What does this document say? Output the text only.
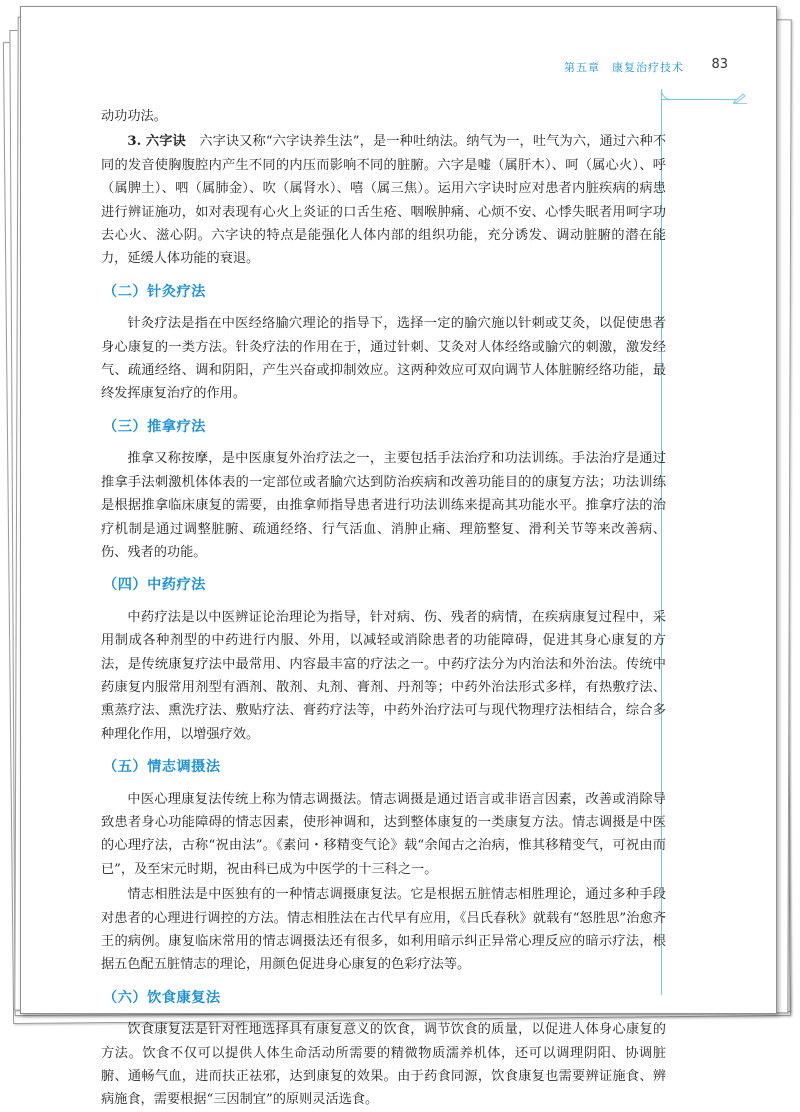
第五章　康复治疗技术 83

动功功法。

3. 六字诀　 六字诀又称“六字诀养生法”，是一种吐纳法。纳气为一，吐气为六，通过六种不同的发音使胸腹腔内产生不同的内压而影响不同的脏腑。六字是嘘（属肝木）、呵（属心火）、呼（属脾土）、呬（属肺金）、吹（属肾水）、嘻（属三焦）。运用六字诀时应对患者内脏疾病的病患进行辨证施功，如对表现有心火上炎证的口舌生疮、咽喉肿痛、心烦不安、心悸失眠者用呵字功去心火、滋心阴。六字诀的特点是能强化人体内部的组织功能，充分诱发、调动脏腑的潜在能力，延缓人体功能的衰退。

（二）针灸疗法

针灸疗法是指在中医经络腧穴理论的指导下，选择一定的腧穴施以针刺或艾灸，以促使患者身心康复的一类方法。针灸疗法的作用在于，通过针刺、艾灸对人体经络或腧穴的刺激，激发经气、疏通经络、调和阴阳，产生兴奋或抑制效应。这两种效应可双向调节人体脏腑经络功能，最终发挥康复治疗的作用。

（三）推拿疗法

推拿又称按摩，是中医康复外治疗法之一，主要包括手法治疗和功法训练。手法治疗是通过推拿手法刺激机体体表的一定部位或者腧穴达到防治疾病和改善功能目的的康复方法；功法训练是根据推拿临床康复的需要，由推拿师指导患者进行功法训练来提高其功能水平。推拿疗法的治疗机制是通过调整脏腑、疏通经络、行气活血、消肿止痛、理筋整复、滑利关节等来改善病、伤、残者的功能。

（四）中药疗法

中药疗法是以中医辨证论治理论为指导，针对病、伤、残者的病情，在疾病康复过程中，采用制成各种剂型的中药进行内服、外用，以减轻或消除患者的功能障碍，促进其身心康复的方法，是传统康复疗法中最常用、内容最丰富的疗法之一。中药疗法分为内治法和外治法。传统中药康复内服常用剂型有酒剂、散剂、丸剂、膏剂、丹剂等；中药外治法形式多样，有热敷疗法、熏蒸疗法、熏洗疗法、敷贴疗法、膏药疗法等，中药外治疗法可与现代物理疗法相结合，综合多种理化作用，以增强疗效。

（五）情志调摄法

中医心理康复法传统上称为情志调摄法。情志调摄是通过语言或非语言因素，改善或消除导致患者身心功能障碍的情志因素，使形神调和，达到整体康复的一类康复方法。情志调摄是中医的心理疗法，古称“祝由法”。《素问・移精变气论》载“余闻古之治病，惟其移精变气，可祝由而已”，及至宋元时期，祝由科已成为中医学的十三科之一。

情志相胜法是中医独有的一种情志调摄康复法。它是根据五脏情志相胜理论，通过多种手段对患者的心理进行调控的方法。情志相胜法在古代早有应用，《吕氏春秋》就载有“怒胜思”治愈齐王的病例。康复临床常用的情志调摄法还有很多，如利用暗示纠正异常心理反应的暗示疗法，根据五色配五脏情志的理论，用颜色促进身心康复的色彩疗法等。

（六）饮食康复法

饮食康复法是针对性地选择具有康复意义的饮食，调节饮食的质量，以促进人体身心康复的方法。饮食不仅可以提供人体生命活动所需要的精微物质濡养机体，还可以调理阴阳、协调脏腑、通畅气血，进而扶正祛邪，达到康复的效果。由于药食同源，饮食康复也需要辨证施食、辨病施食，需要根据“三因制宜”的原则灵活选食。
